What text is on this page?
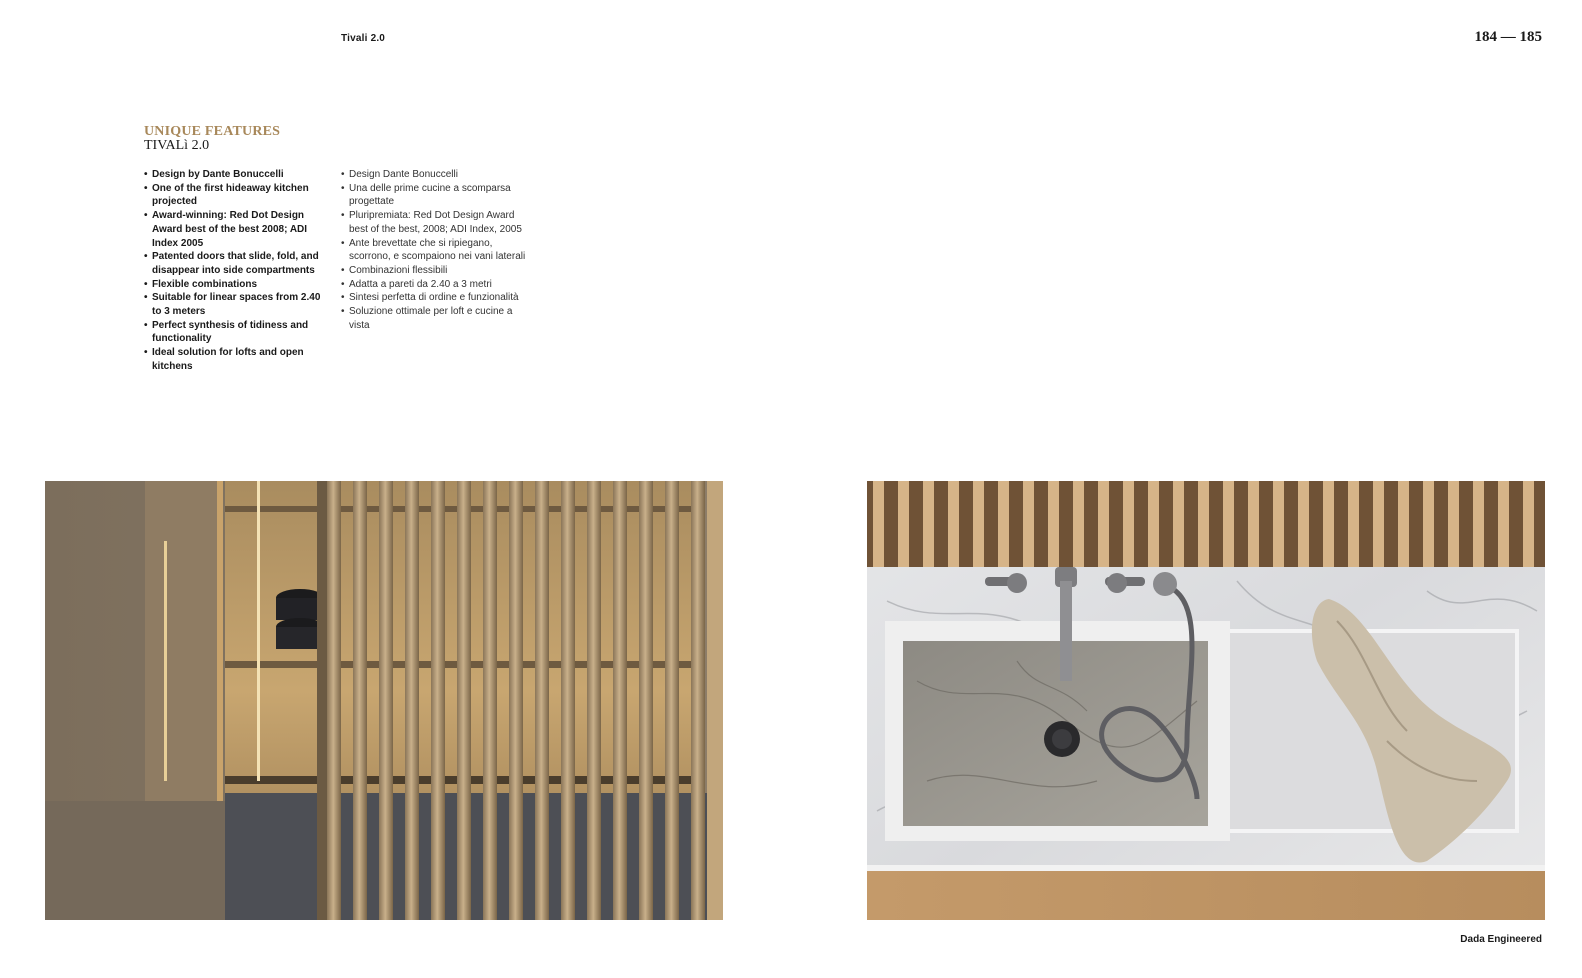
Tivali 2.0	184 — 185
UNIQUE FEATURES
TIVALì 2.0
• Design by Dante Bonuccelli
• One of the first hideaway kitchen projected
• Award-winning: Red Dot Design Award best of the best 2008; ADI Index 2005
• Patented doors that slide, fold, and disappear into side compartments
• Flexible combinations
• Suitable for linear spaces from 2.40 to 3 meters
• Perfect synthesis of tidiness and functionality
• Ideal solution for lofts and open kitchens
• Design Dante Bonuccelli
• Una delle prime cucine a scomparsa progettate
• Pluripremiata: Red Dot Design Award best of the best, 2008; ADI Index, 2005
• Ante brevettate che si ripiegano, scorrono, e scompaiono nei vani laterali
• Combinazioni flessibili
• Adatta a pareti da 2.40 a 3 metri
• Sintesi perfetta di ordine e funzionalità
• Soluzione ottimale per loft e cucine a vista
Dada Engineered
